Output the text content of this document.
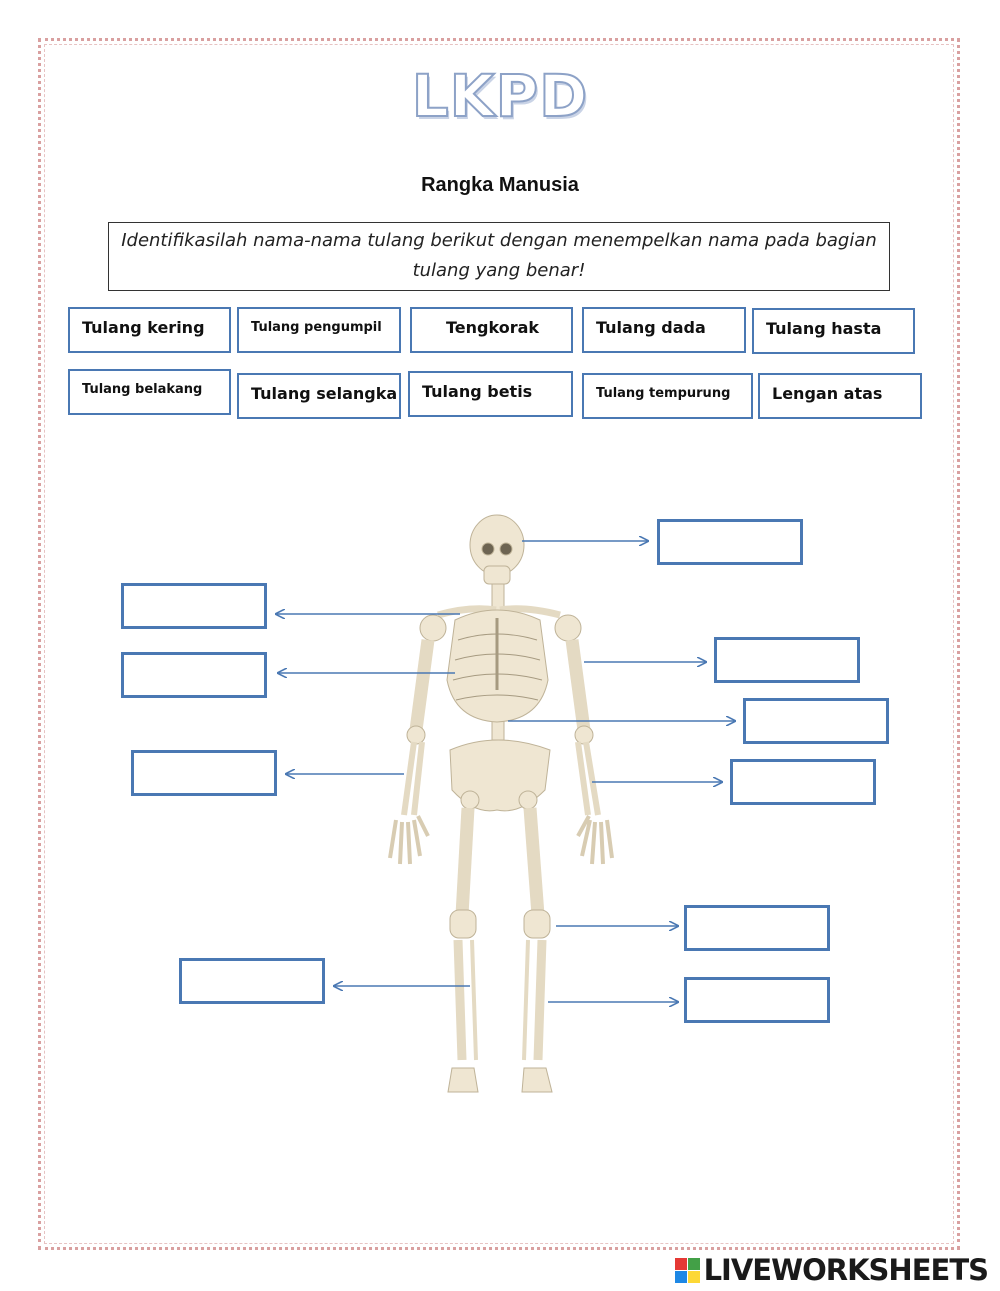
LKPD
Rangka Manusia
Identifikasilah nama-nama tulang berikut dengan menempelkan nama pada bagian
tulang yang benar!
Tulang kering	Tulang pengumpil	Tengkorak	Tulang dada	Tulang hasta
Tulang belakang	Tulang selangka	Tulang betis	Tulang tempurung	Lengan atas
LIVEWORKSHEETS
